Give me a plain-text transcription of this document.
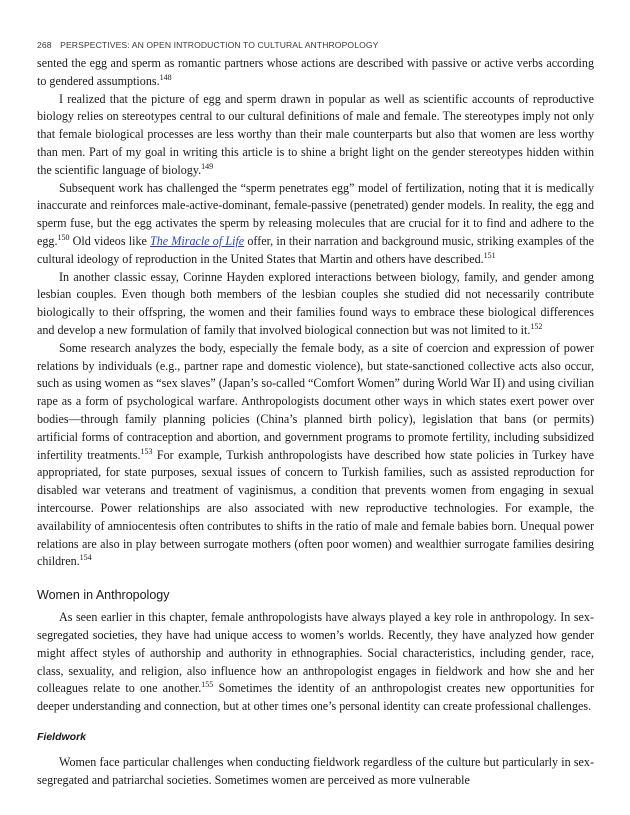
268 PERSPECTIVES: AN OPEN INTRODUCTION TO CULTURAL ANTHROPOLOGY

sented the egg and sperm as romantic partners whose actions are described with passive or active verbs according to gendered assumptions.$^{148}$

I realized that the picture of egg and sperm drawn in popular as well as scientific accounts of reproductive biology relies on stereotypes central to our cultural definitions of male and female. The stereotypes imply not only that female biological processes are less worthy than their male counterparts but also that women are less worthy than men. Part of my goal in writing this article is to shine a bright light on the gender stereotypes hidden within the scientific language of biology.$^{149}$

Subsequent work has challenged the “sperm penetrates egg” model of fertilization, noting that it is medically inaccurate and reinforces male-active-dominant, female-passive (penetrated) gender models. In reality, the egg and sperm fuse, but the egg activates the sperm by releasing molecules that are crucial for it to find and adhere to the egg.$^{150}$ Old videos like The Miracle of Life offer, in their narration and background music, striking examples of the cultural ideology of reproduction in the United States that Martin and others have described.$^{151}$

In another classic essay, Corinne Hayden explored interactions between biology, family, and gender among lesbian couples. Even though both members of the lesbian couples she studied did not necessarily contribute biologically to their offspring, the women and their families found ways to embrace these biological differences and develop a new formulation of family that involved biological connection but was not limited to it.$^{152}$

Some research analyzes the body, especially the female body, as a site of coercion and expression of power relations by individuals (e.g., partner rape and domestic violence), but state-sanctioned collective acts also occur, such as using women as “sex slaves” (Japan’s so-called “Comfort Women” during World War II) and using civilian rape as a form of psychological warfare. Anthropologists document other ways in which states exert power over bodies—through family planning policies (China’s planned birth policy), legislation that bans (or permits) artificial forms of contraception and abortion, and government programs to promote fertility, including subsidized infertility treatments.$^{153}$ For example, Turkish anthropologists have described how state policies in Turkey have appropriated, for state purposes, sexual issues of concern to Turkish families, such as assisted reproduction for disabled war veterans and treatment of vaginismus, a condition that prevents women from engaging in sexual intercourse. Power relationships are also associated with new reproductive technologies. For example, the availability of amniocentesis often contributes to shifts in the ratio of male and female babies born. Unequal power relations are also in play between surrogate mothers (often poor women) and wealthier surrogate families desiring children.$^{154}$

Women in Anthropology

As seen earlier in this chapter, female anthropologists have always played a key role in anthropology. In sex-segregated societies, they have had unique access to women’s worlds. Recently, they have analyzed how gender might affect styles of authorship and authority in ethnographies. Social characteristics, including gender, race, class, sexuality, and religion, also influence how an anthropologist engages in fieldwork and how she and her colleagues relate to one another.$^{155}$ Sometimes the identity of an anthropologist creates new opportunities for deeper understanding and connection, but at other times one’s personal identity can create professional challenges.

Fieldwork

Women face particular challenges when conducting fieldwork regardless of the culture but particularly in sex-segregated and patriarchal societies. Sometimes women are perceived as more vulnerable
